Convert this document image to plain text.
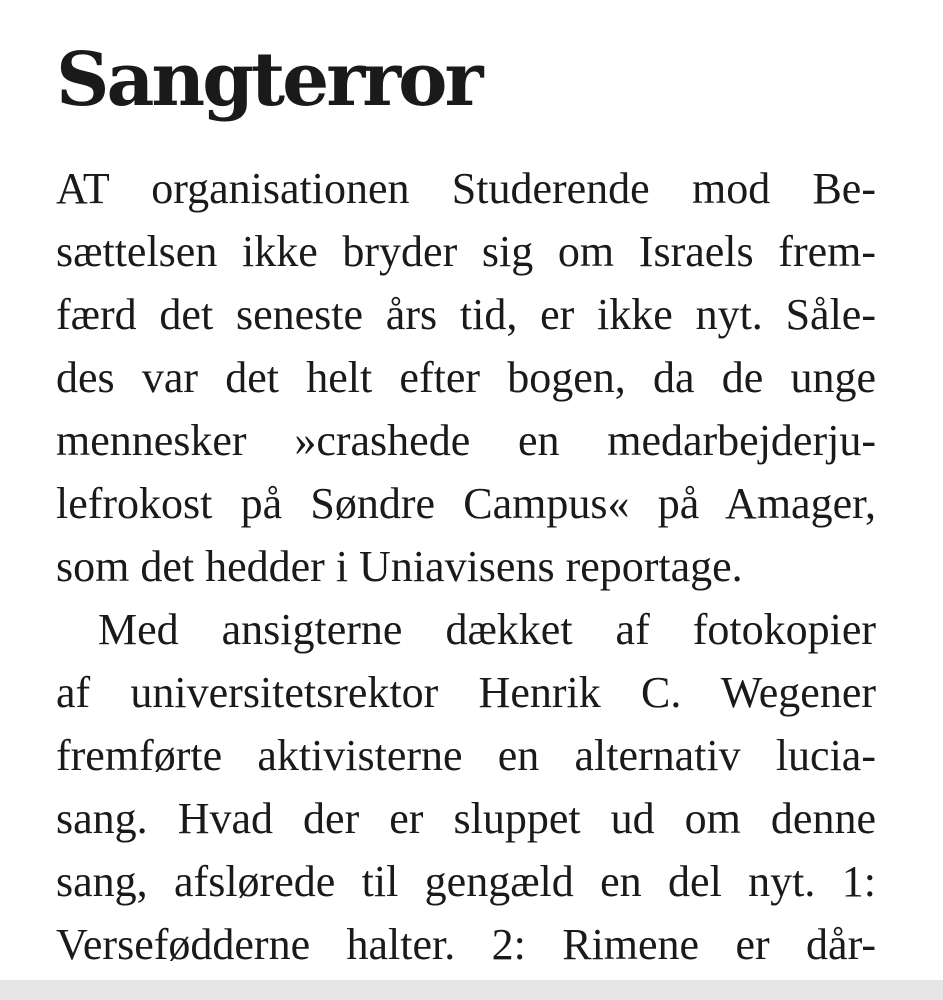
Sangterror
AT organisationen Studerende mod Be-
sættelsen ikke bryder sig om Israels frem-
færd det seneste års tid, er ikke nyt. Såle-
des var det helt efter bogen, da de unge
mennesker »crashede en medarbejderju-
lefrokost på Søndre Campus« på Amager,
som det hedder i Uniavisens reportage.
Med ansigterne dækket af fotokopier
af universitetsrektor Henrik C. Wegener
fremførte aktivisterne en alternativ lucia-
sang. Hvad der er sluppet ud om denne
sang, afslørede til gengæld en del nyt. 1:
Versefødderne halter. 2: Rimene er dår-
